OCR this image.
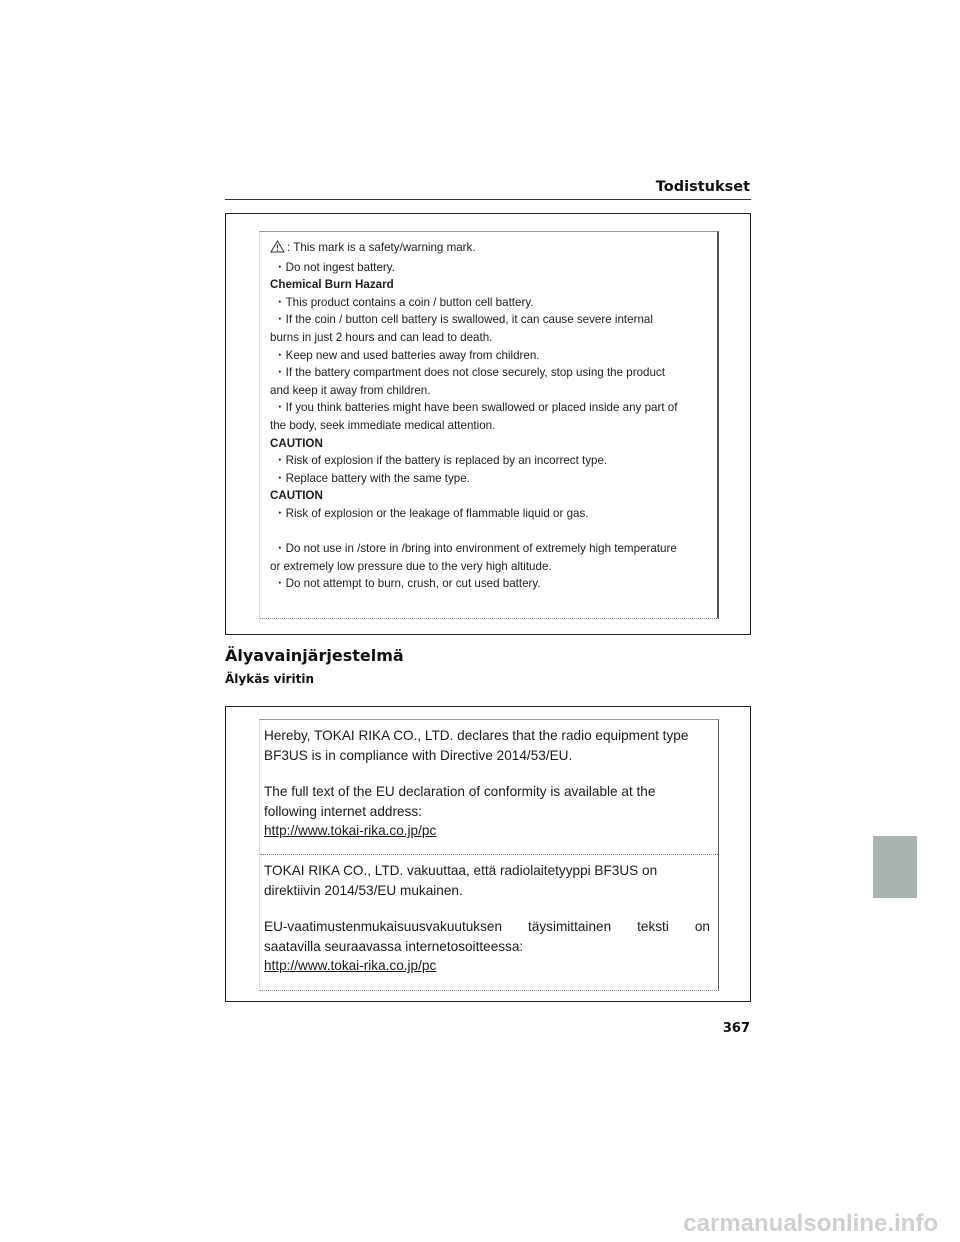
Todistukset
: This mark is a safety/warning mark.
・Do not ingest battery.
Chemical Burn Hazard
・This product contains a coin / button cell battery.
・If the coin / button cell battery is swallowed, it can cause severe internal
burns in just 2 hours and can lead to death.
・Keep new and used batteries away from children.
・If the battery compartment does not close securely, stop using the product
and keep it away from children.
・If you think batteries might have been swallowed or placed inside any part of
the body, seek immediate medical attention.
CAUTION
・Risk of explosion if the battery is replaced by an incorrect type.
・Replace battery with the same type.
CAUTION
・Risk of explosion or the leakage of flammable liquid or gas.
・Do not use in /store in /bring into environment of extremely high temperature
or extremely low pressure due to the very high altitude.
・Do not attempt to burn, crush, or cut used battery.
Älyavainjärjestelmä
Älykäs viritin
Hereby, TOKAI RIKA CO., LTD. declares that the radio equipment type
BF3US is in compliance with Directive 2014/53/EU.
The full text of the EU declaration of conformity is available at the
following internet address:
http://www.tokai-rika.co.jp/pc
TOKAI RIKA CO., LTD. vakuuttaa, että radiolaitetyyppi BF3US on
direktiivin 2014/53/EU mukainen.
EU-vaatimustenmukaisuusvakuutuksen täysimittainen teksti on
saatavilla seuraavassa internetosoitteessa:
http://www.tokai-rika.co.jp/pc
367
carmanualsonline.info
